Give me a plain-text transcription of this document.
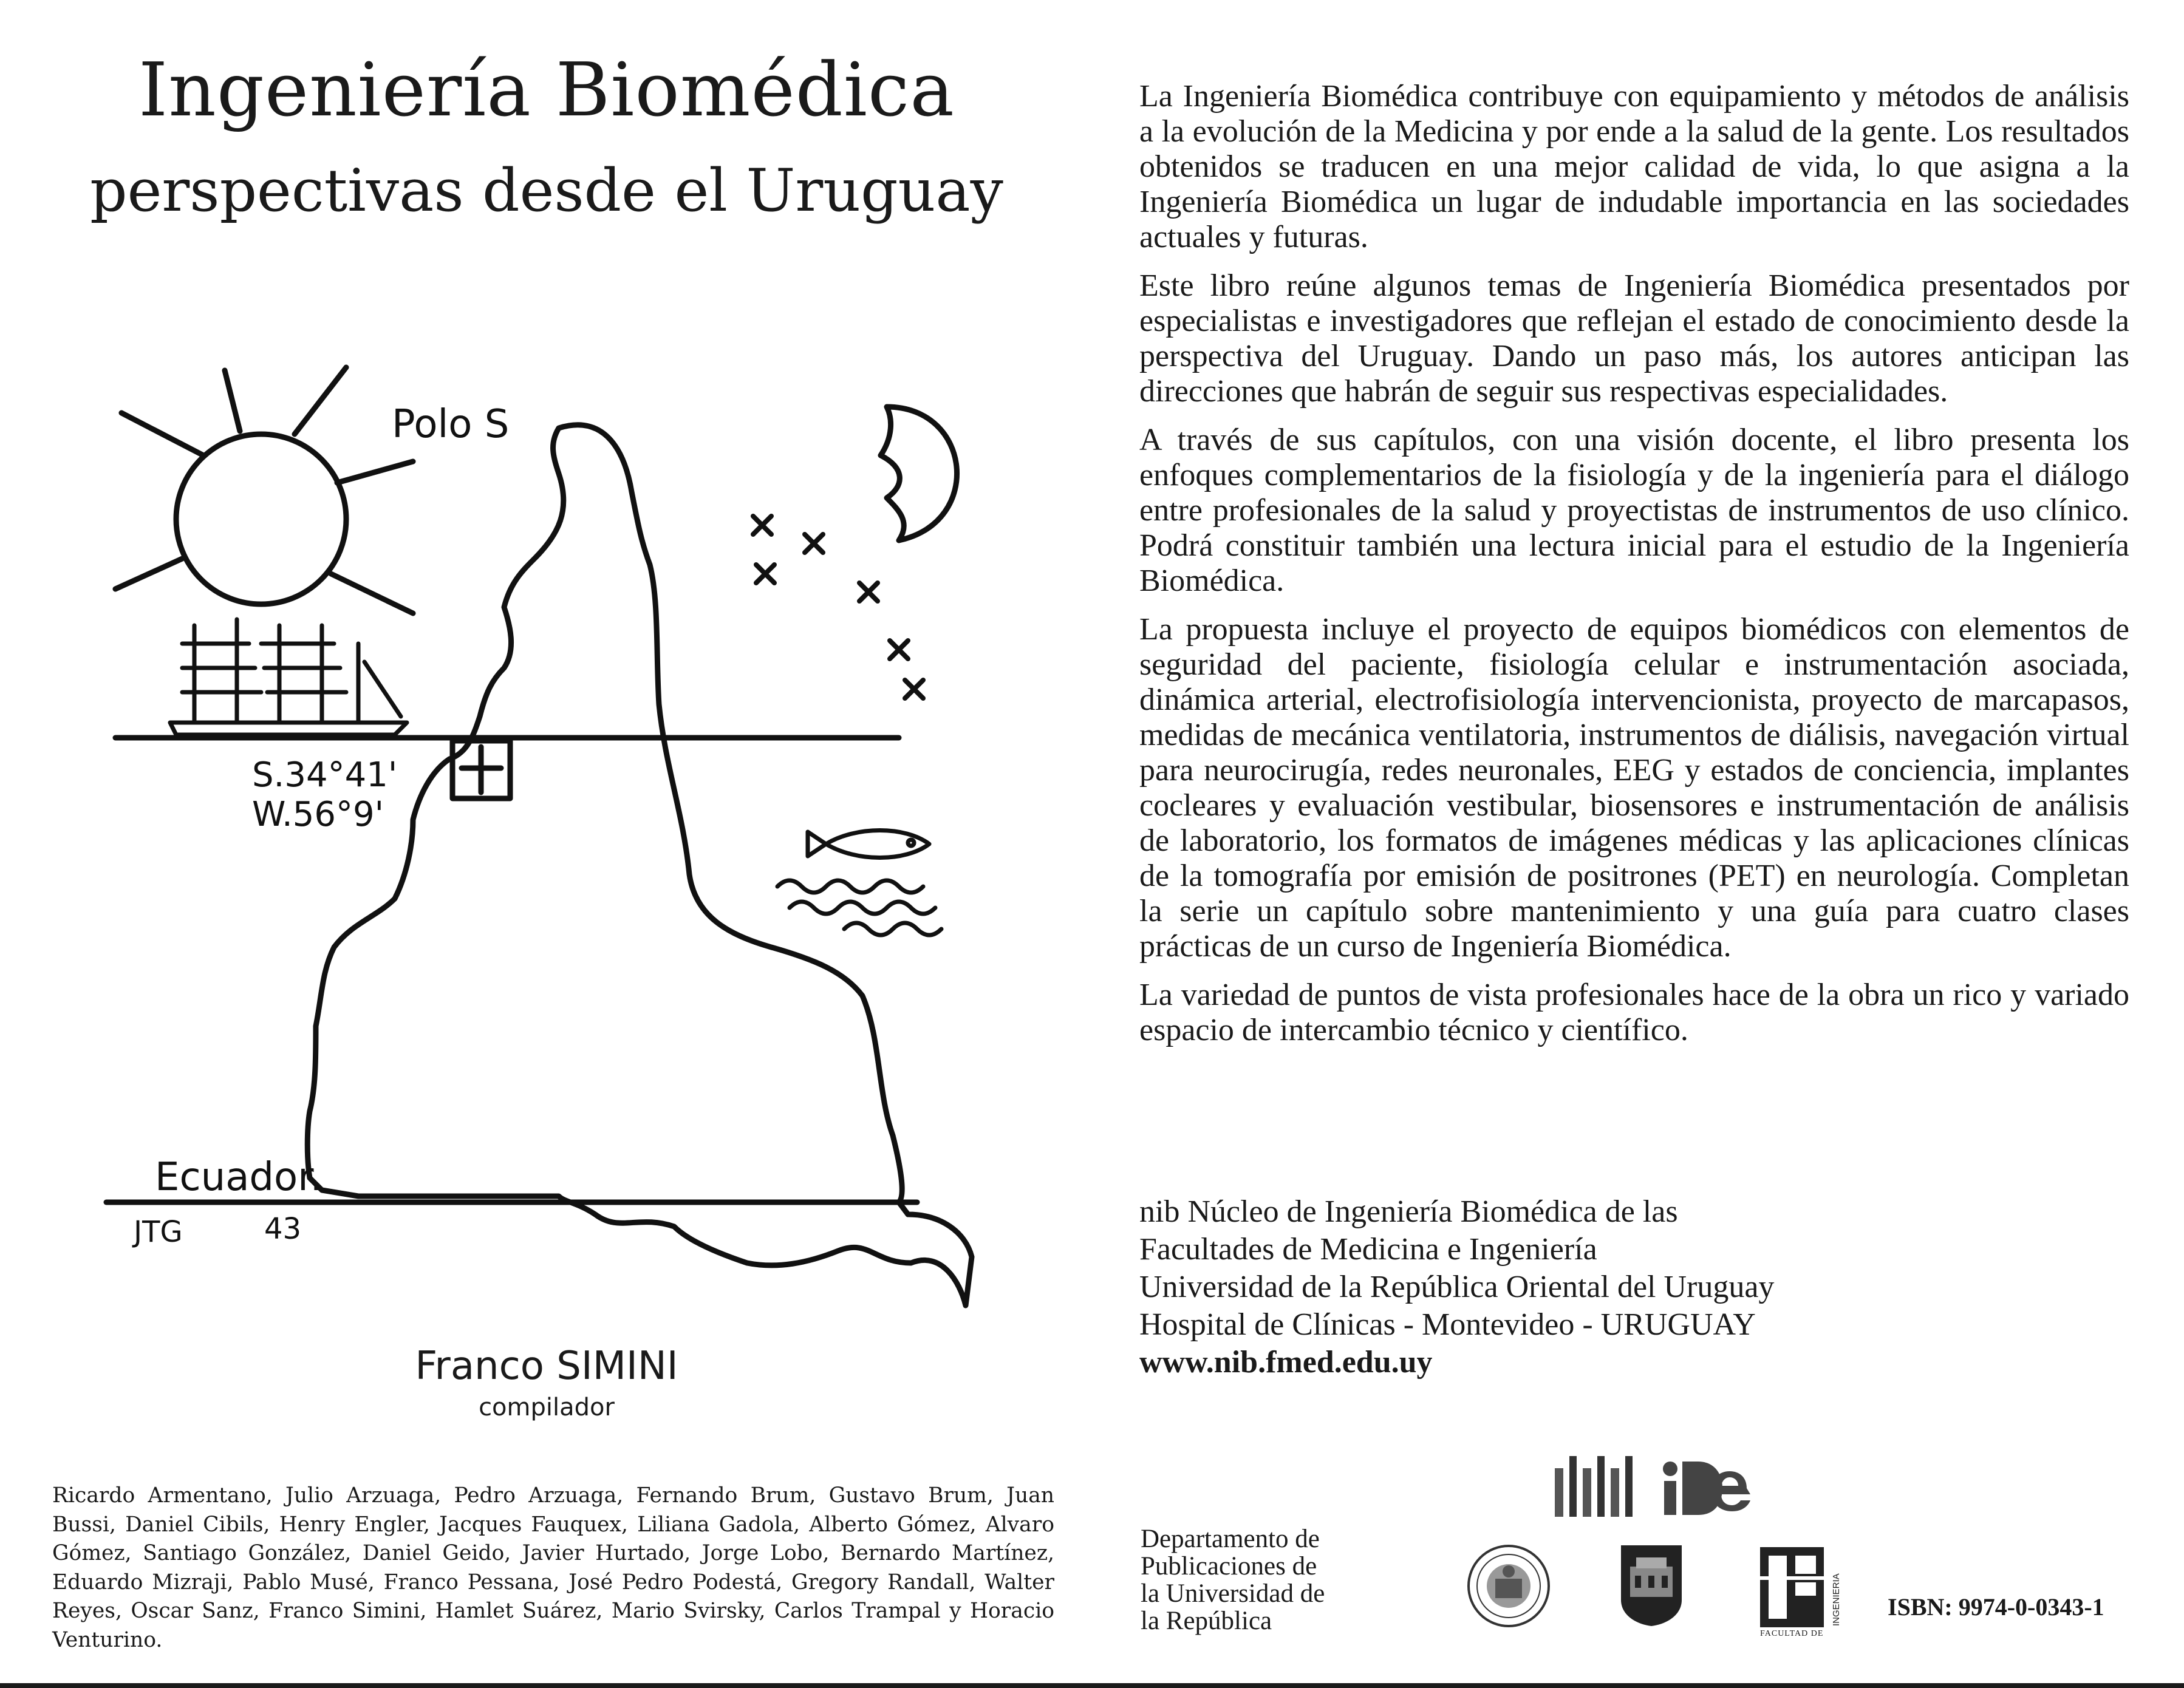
Ingeniería Biomédica
perspectivas desde el Uruguay
Polo S
S.34°41'
W.56°9'
Ecuador.
JTG	43
Franco SIMINI
compilador

Ricardo Armentano, Julio Arzuaga, Pedro Arzuaga, Fernando Brum, Gustavo Brum, Juan Bussi, Daniel Cibils, Henry Engler, Jacques Fauquex, Liliana Gadola, Alberto Gómez, Alvaro Gómez, Santiago González, Daniel Geido, Javier Hurtado, Jorge Lobo, Bernardo Martínez, Eduardo Mizraji, Pablo Musé, Franco Pessana, José Pedro Podestá, Gregory Randall, Walter Reyes, Oscar Sanz, Franco Simini, Hamlet Suárez, Mario Svirsky, Carlos Trampal y Horacio Venturino.

La Ingeniería Biomédica contribuye con equipamiento y métodos de análisis a la evolución de la Medicina y por ende a la salud de la gente. Los resultados obtenidos se traducen en una mejor calidad de vida, lo que asigna a la Ingeniería Biomédica un lugar de indudable importancia en las sociedades actuales y futuras.

Este libro reúne algunos temas de Ingeniería Biomédica presentados por especialistas e investigadores que reflejan el estado de conocimiento desde la perspectiva del Uruguay. Dando un paso más, los autores anticipan las direcciones que habrán de seguir sus respectivas especialidades.

A través de sus capítulos, con una visión docente, el libro presenta los enfoques complementarios de la fisiología y de la ingeniería para el diálogo entre profesionales de la salud y proyectistas de instrumentos de uso clínico. Podrá constituir también una lectura inicial para el estudio de la Ingeniería Biomédica.

La propuesta incluye el proyecto de equipos biomédicos con elementos de seguridad del paciente, fisiología celular e instrumentación asociada, dinámica arterial, electrofisiología intervencionista, proyecto de marcapasos, medidas de mecánica ventilatoria, instrumentos de diálisis, navegación virtual para neurocirugía, redes neuronales, EEG y estados de conciencia, implantes cocleares y evaluación vestibular, biosensores e instrumentación de análisis de laboratorio, los formatos de imágenes médicas y las aplicaciones clínicas de la tomografía por emisión de positrones (PET) en neurología. Completan la serie un capítulo sobre mantenimiento y una guía para cuatro clases prácticas de un curso de Ingeniería Biomédica.

La variedad de puntos de vista profesionales hace de la obra un rico y variado espacio de intercambio técnico y científico.

nib Núcleo de Ingeniería Biomédica de las
Facultades de Medicina e Ingeniería
Universidad de la República Oriental del Uruguay
Hospital de Clínicas - Montevideo - URUGUAY
www.nib.fmed.edu.uy
Departamento de
Publicaciones de
la Universidad de
la República	INGENIERIA
FACULTAD DE
ISBN: 9974-0-0343-1
